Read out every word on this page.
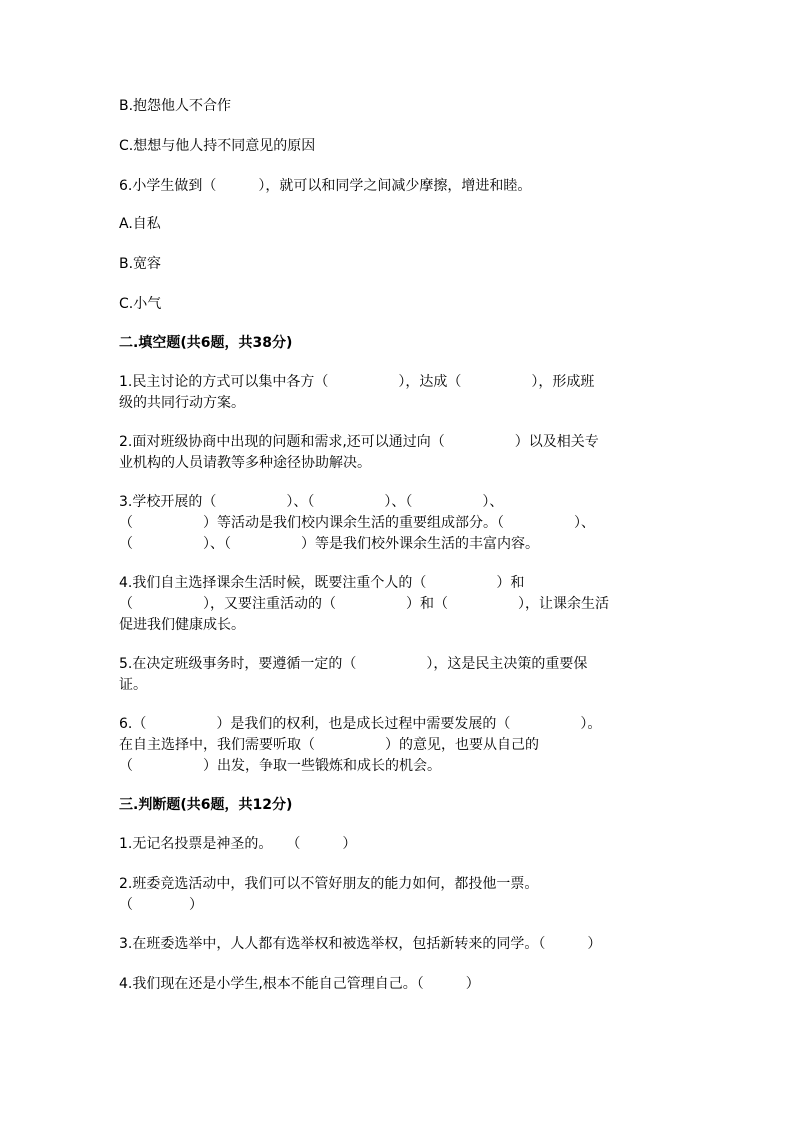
B.抱怨他人不合作
C.想想与他人持不同意见的原因
6.小学生做到（　　　），就可以和同学之间减少摩擦，增进和睦。
A.自私
B.宽容
C.小气
二.填空题(共6题，共38分)
1.民主讨论的方式可以集中各方（　　　　　），达成（　　　　　），形成班
级的共同行动方案。
2.面对班级协商中出现的问题和需求,还可以通过向（　　　　　）以及相关专
业机构的人员请教等多种途径协助解决。
3.学校开展的（　　　　　）、（　　　　　）、（　　　　　）、
（　　　　　）等活动是我们校内课余生活的重要组成部分。（　　　　　）、
（　　　　　）、（　　　　　）等是我们校外课余生活的丰富内容。
4.我们自主选择课余生活时候，既要注重个人的（　　　　　）和
（　　　　　），又要注重活动的（　　　　　）和（　　　　　），让课余生活
促进我们健康成长。
5.在决定班级事务时，要遵循一定的（　　　　　），这是民主决策的重要保
证。
6.（　　　　　）是我们的权利，也是成长过程中需要发展的（　　　　　）。
在自主选择中，我们需要听取（　　　　　）的意见，也要从自己的
（　　　　　）出发，争取一些锻炼和成长的机会。
三.判断题(共6题，共12分)
1.无记名投票是神圣的。　　（　　　）
2.班委竞选活动中，我们可以不管好朋友的能力如何，都投他一票。
（　　　　）
3.在班委选举中，人人都有选举权和被选举权，包括新转来的同学。（　　　）
4.我们现在还是小学生,根本不能自己管理自己。（　　　）
